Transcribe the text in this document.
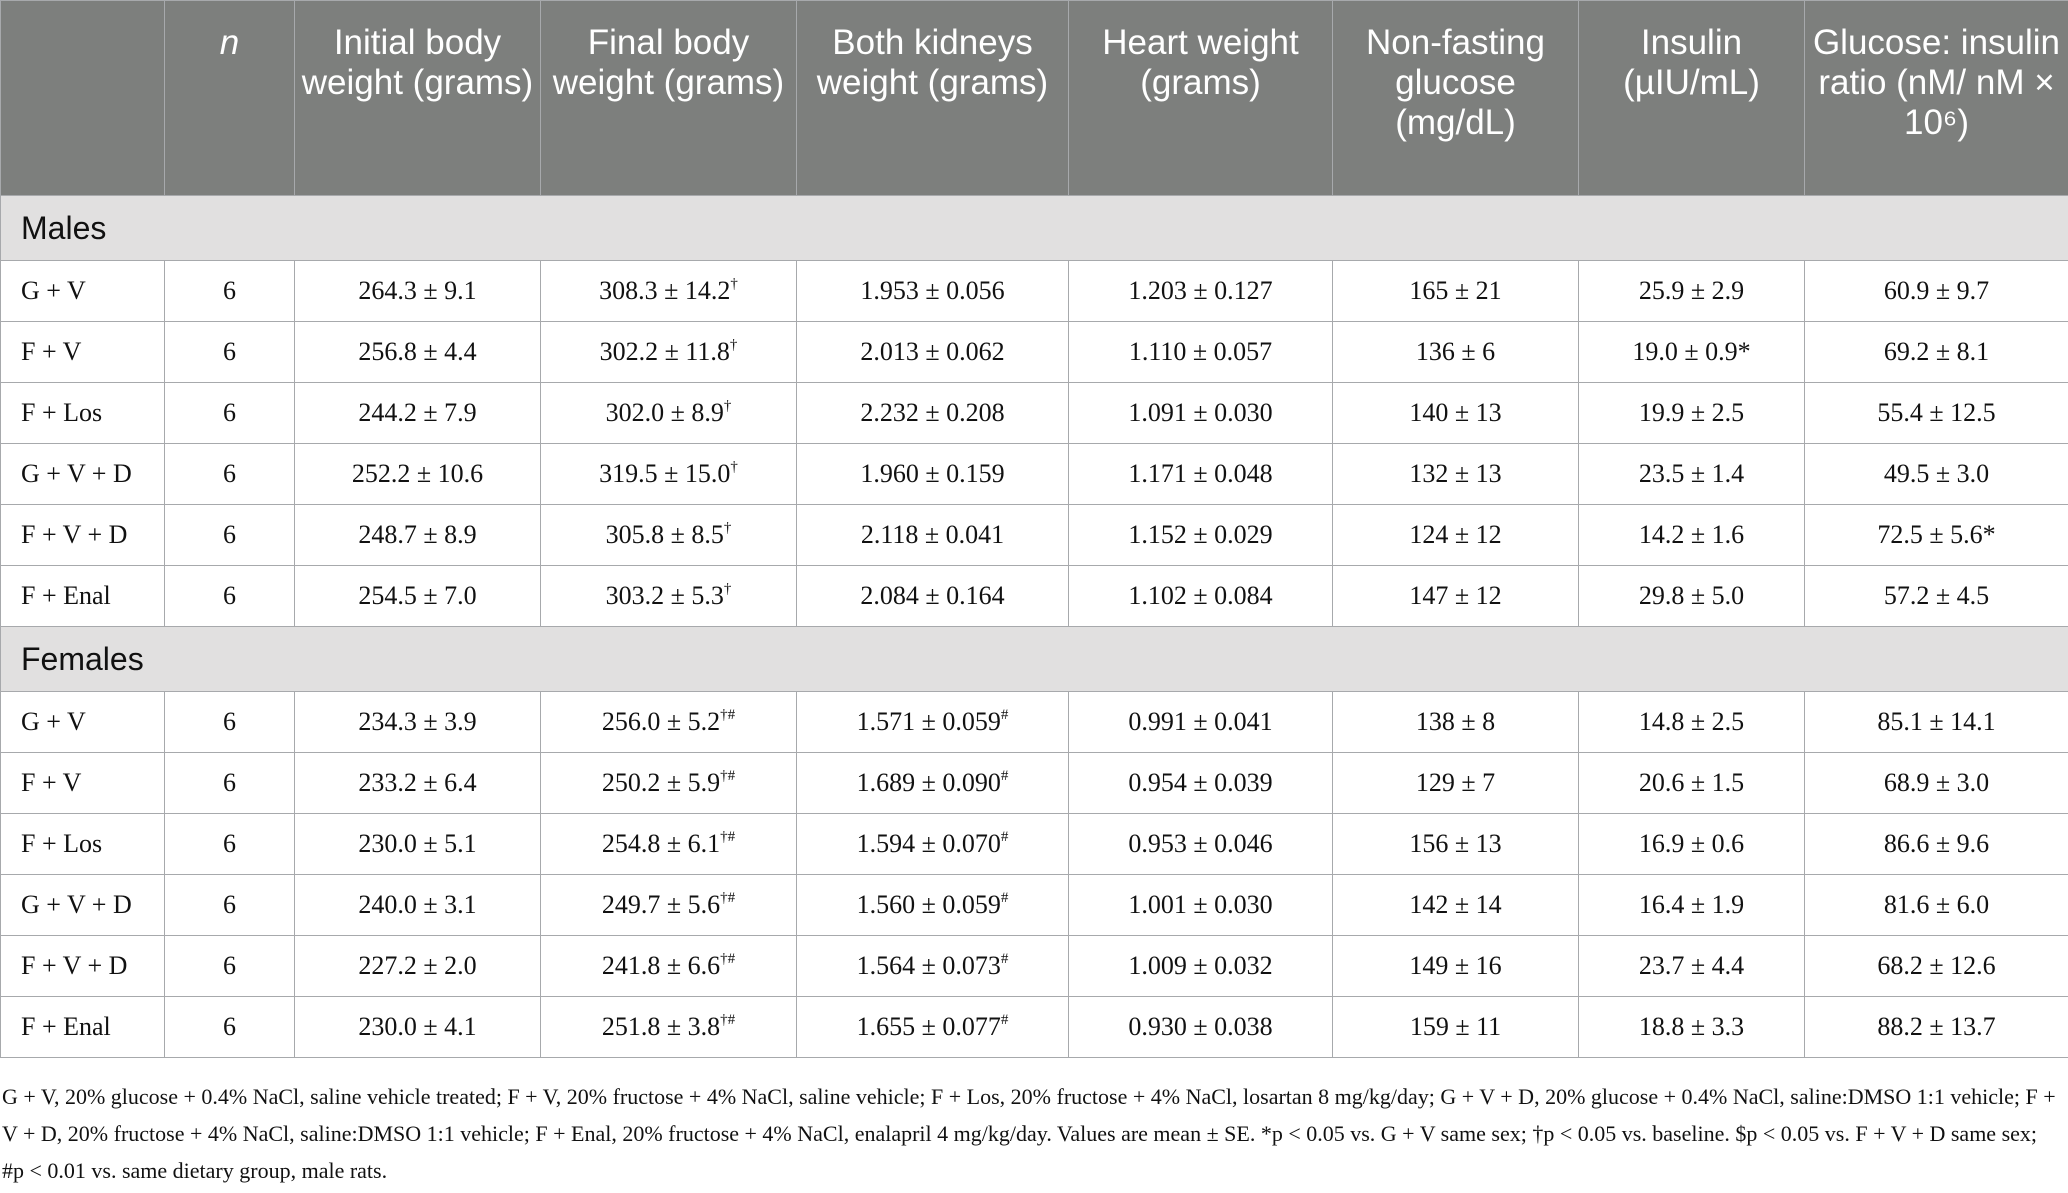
	n	Initial body weight (grams)	Final body weight (grams)	Both kidneys weight (grams)	Heart weight (grams)	Non-fasting glucose (mg/dL)	Insulin (µIU/mL)	Glucose: insulin ratio (nM/ nM × 10⁶)
Males								
G + V	6	264.3 ± 9.1	308.3 ± 14.2†	1.953 ± 0.056	1.203 ± 0.127	165 ± 21	25.9 ± 2.9	60.9 ± 9.7
F + V	6	256.8 ± 4.4	302.2 ± 11.8†	2.013 ± 0.062	1.110 ± 0.057	136 ± 6	19.0 ± 0.9*	69.2 ± 8.1
F + Los	6	244.2 ± 7.9	302.0 ± 8.9†	2.232 ± 0.208	1.091 ± 0.030	140 ± 13	19.9 ± 2.5	55.4 ± 12.5
G + V + D	6	252.2 ± 10.6	319.5 ± 15.0†	1.960 ± 0.159	1.171 ± 0.048	132 ± 13	23.5 ± 1.4	49.5 ± 3.0
F + V + D	6	248.7 ± 8.9	305.8 ± 8.5†	2.118 ± 0.041	1.152 ± 0.029	124 ± 12	14.2 ± 1.6	72.5 ± 5.6*
F + Enal	6	254.5 ± 7.0	303.2 ± 5.3†	2.084 ± 0.164	1.102 ± 0.084	147 ± 12	29.8 ± 5.0	57.2 ± 4.5
Females								
G + V	6	234.3 ± 3.9	256.0 ± 5.2†#	1.571 ± 0.059#	0.991 ± 0.041	138 ± 8	14.8 ± 2.5	85.1 ± 14.1
F + V	6	233.2 ± 6.4	250.2 ± 5.9†#	1.689 ± 0.090#	0.954 ± 0.039	129 ± 7	20.6 ± 1.5	68.9 ± 3.0
F + Los	6	230.0 ± 5.1	254.8 ± 6.1†#	1.594 ± 0.070#	0.953 ± 0.046	156 ± 13	16.9 ± 0.6	86.6 ± 9.6
G + V + D	6	240.0 ± 3.1	249.7 ± 5.6†#	1.560 ± 0.059#	1.001 ± 0.030	142 ± 14	16.4 ± 1.9	81.6 ± 6.0
F + V + D	6	227.2 ± 2.0	241.8 ± 6.6†#	1.564 ± 0.073#	1.009 ± 0.032	149 ± 16	23.7 ± 4.4	68.2 ± 12.6
F + Enal	6	230.0 ± 4.1	251.8 ± 3.8†#	1.655 ± 0.077#	0.930 ± 0.038	159 ± 11	18.8 ± 3.3	88.2 ± 13.7
G + V, 20% glucose + 0.4% NaCl, saline vehicle treated; F + V, 20% fructose + 4% NaCl, saline vehicle; F + Los, 20% fructose + 4% NaCl, losartan 8 mg/kg/day; G + V + D, 20% glucose + 0.4% NaCl, saline:DMSO 1:1 vehicle; F + V + D, 20% fructose + 4% NaCl, saline:DMSO 1:1 vehicle; F + Enal, 20% fructose + 4% NaCl, enalapril 4 mg/kg/day. Values are mean ± SE. *p < 0.05 vs. G + V same sex; †p < 0.05 vs. baseline. $p < 0.05 vs. F + V + D same sex; #p < 0.01 vs. same dietary group, male rats.
